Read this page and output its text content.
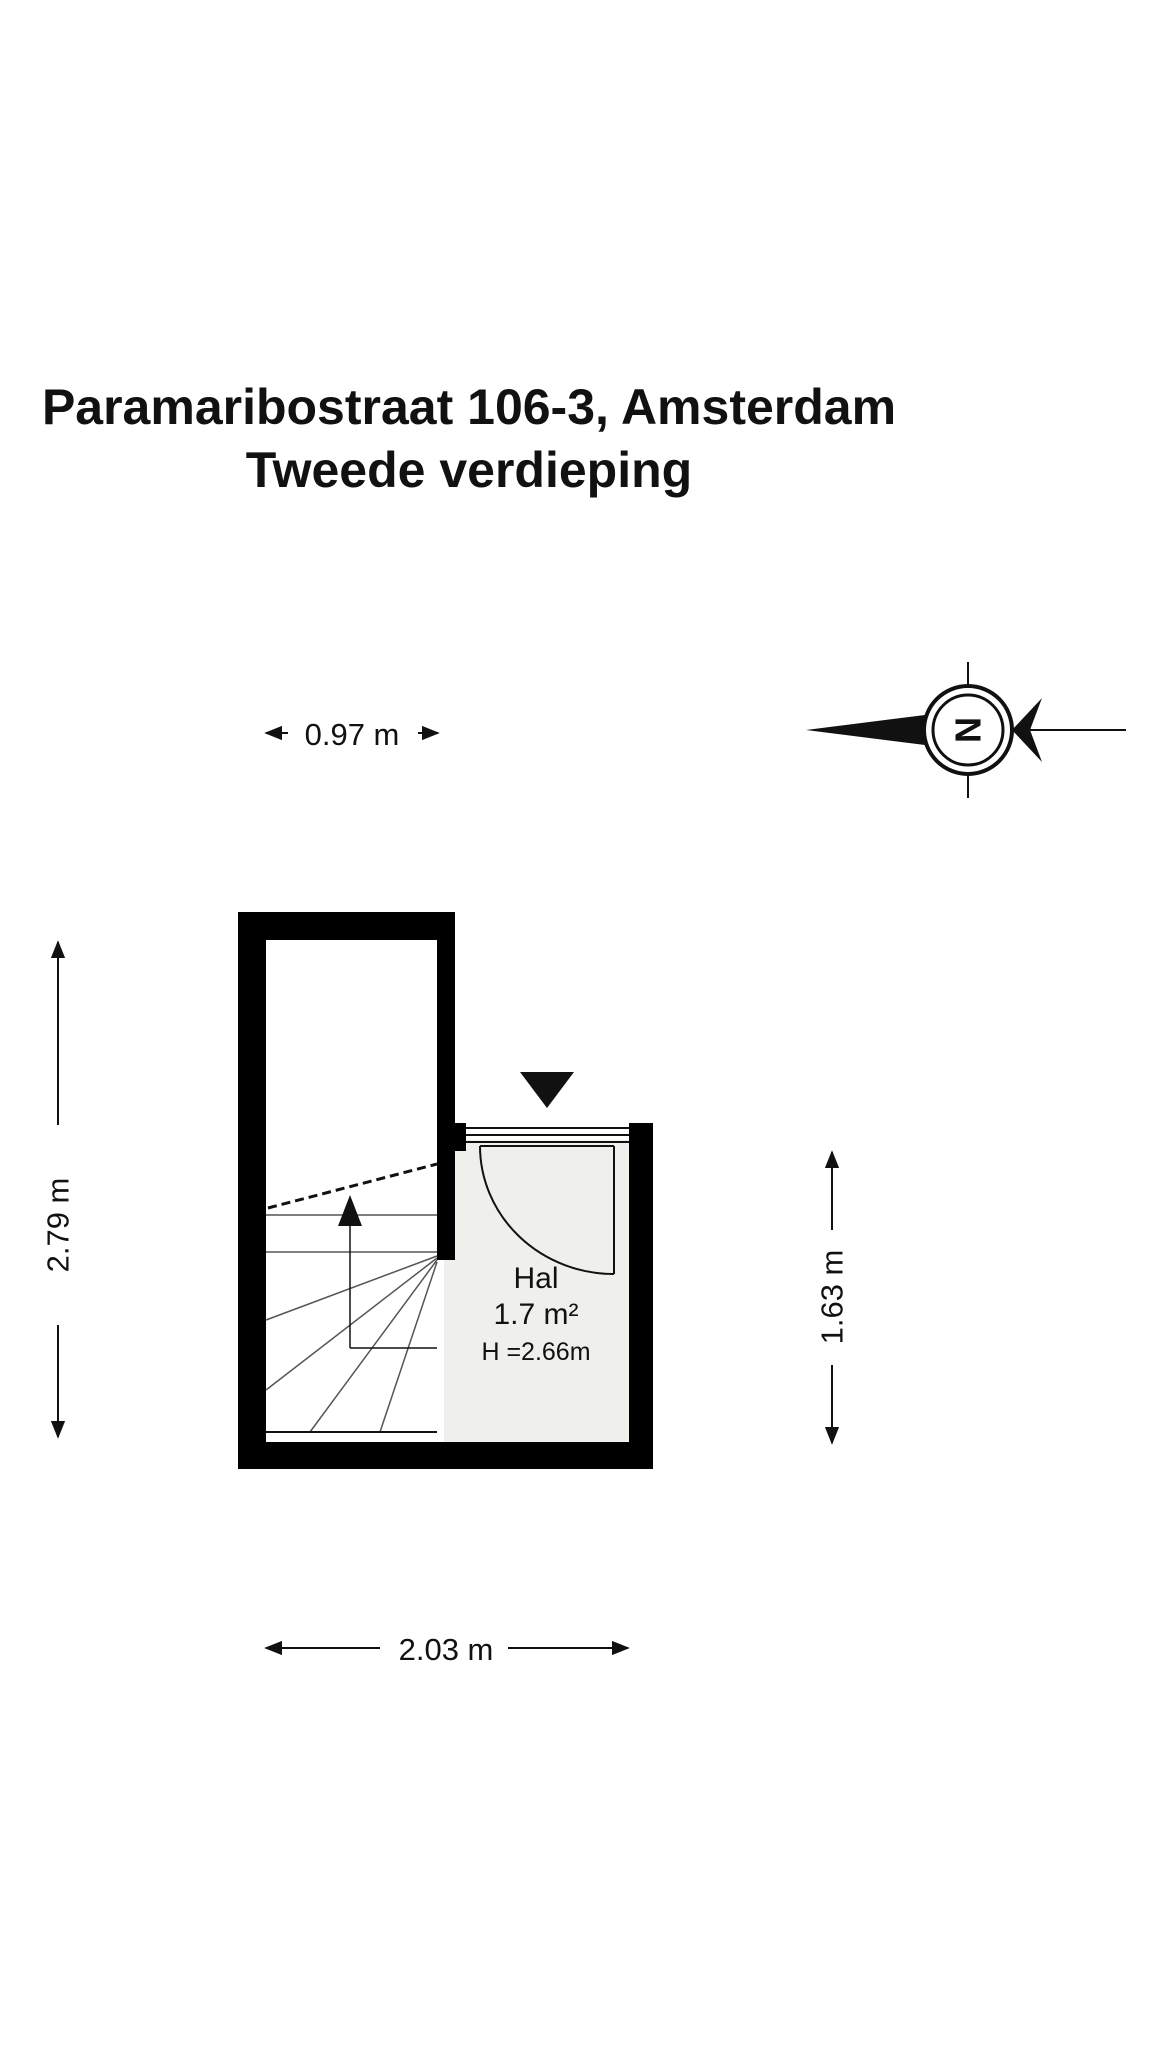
Paramaribostraat 106-3, Amsterdam
Tweede verdieping
0.97 m	N
2.79 m
1.63 m
2.03 m
Hal
1.7 m²
H =2.66m
